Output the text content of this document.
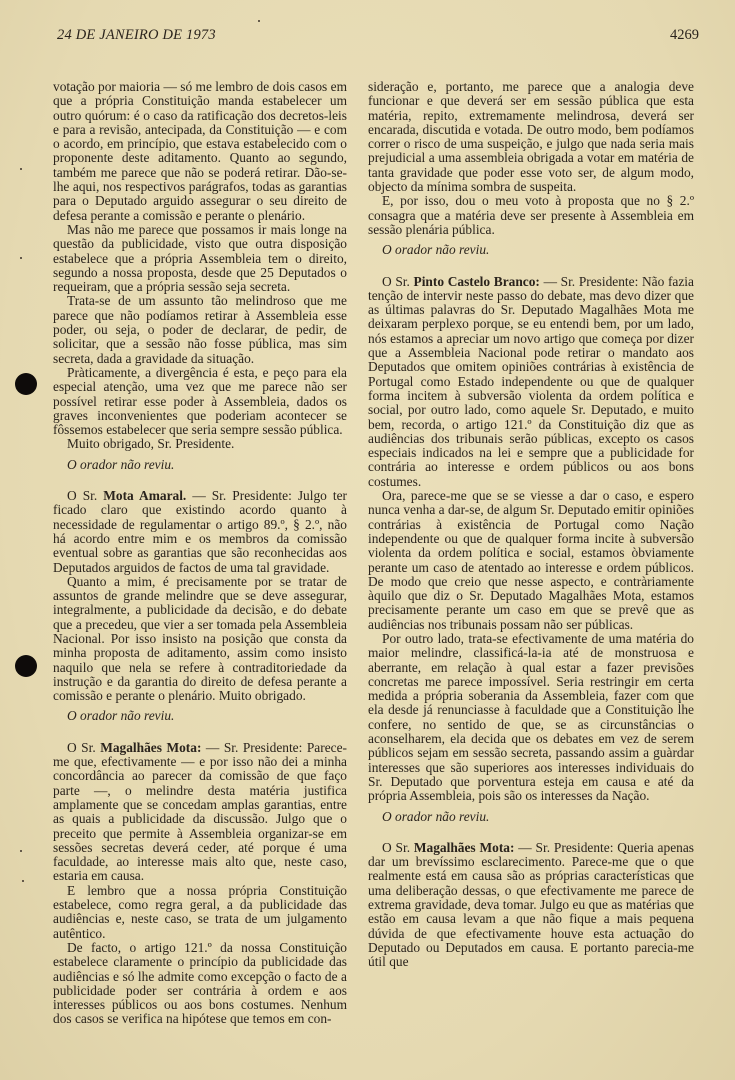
24 DE JANEIRO DE 1973	4269

votação por maioria — só me lembro de dois casos em que a própria Constituição manda estabelecer um outro quórum: é o caso da ratificação dos decretos-leis e para a revisão, antecipada, da Constituição — e com o acordo, em princípio, que estava estabelecido com o proponente deste aditamento. Quanto ao segundo, também me parece que não se poderá retirar. Dão-se-lhe aqui, nos respectivos parágrafos, todas as garantias para o Deputado arguido assegurar o seu direito de defesa perante a comissão e perante o plenário.

Mas não me parece que possamos ir mais longe na questão da publicidade, visto que outra disposição estabelece que a própria Assembleia tem o direito, segundo a nossa proposta, desde que 25 Deputados o requeiram, que a própria sessão seja secreta.

Trata-se de um assunto tão melindroso que me parece que não podíamos retirar à Assembleia esse poder, ou seja, o poder de declarar, de pedir, de solicitar, que a sessão não fosse pública, mas sim secreta, dada a gravidade da situação.

Pràticamente, a divergência é esta, e peço para ela especial atenção, uma vez que me parece não ser possível retirar esse poder à Assembleia, dados os graves inconvenientes que poderiam acontecer se fôssemos estabelecer que seria sempre sessão pública.

Muito obrigado, Sr. Presidente.

O orador não reviu.

O Sr. Mota Amaral. — Sr. Presidente: Julgo ter ficado claro que existindo acordo quanto à necessidade de regulamentar o artigo 89.º, § 2.º, não há acordo entre mim e os membros da comissão eventual sobre as garantias que são reconhecidas aos Deputados arguidos de factos de uma tal gravidade.

Quanto a mim, é precisamente por se tratar de assuntos de grande melindre que se deve assegurar, integralmente, a publicidade da decisão, e do debate que a precedeu, que vier a ser tomada pela Assembleia Nacional. Por isso insisto na posição que consta da minha proposta de aditamento, assim como insisto naquilo que nela se refere à contraditoriedade da instrução e da garantia do direito de defesa perante a comissão e perante o plenário. Muito obrigado.

O orador não reviu.

O Sr. Magalhães Mota: — Sr. Presidente: Parece-me que, efectivamente — e por isso não dei a minha concordância ao parecer da comissão de que faço parte —, o melindre desta matéria justifica amplamente que se concedam amplas garantias, entre as quais a publicidade da discussão. Julgo que o preceito que permite à Assembleia organizar-se em sessões secretas deverá ceder, até porque é uma faculdade, ao interesse mais alto que, neste caso, estaria em causa.

E lembro que a nossa própria Constituição estabelece, como regra geral, a da publicidade das audiências e, neste caso, se trata de um julgamento autêntico.

De facto, o artigo 121.º da nossa Constituição estabelece claramente o princípio da publicidade das audiências e só lhe admite como excepção o facto de a publicidade poder ser contrária à ordem e aos interesses públicos ou aos bons costumes. Nenhum dos casos se verifica na hipótese que temos em con-

sideração e, portanto, me parece que a analogia deve funcionar e que deverá ser em sessão pública que esta matéria, repito, extremamente melindrosa, deverá ser encarada, discutida e votada. De outro modo, bem podíamos correr o risco de uma suspeição, e julgo que nada seria mais prejudicial a uma assembleia obrigada a votar em matéria de tanta gravidade que poder esse voto ser, de algum modo, objecto da mínima sombra de suspeita.

E, por isso, dou o meu voto à proposta que no § 2.º consagra que a matéria deve ser presente à Assembleia em sessão plenária pública.

O orador não reviu.

O Sr. Pinto Castelo Branco: — Sr. Presidente: Não fazia tenção de intervir neste passo do debate, mas devo dizer que as últimas palavras do Sr. Deputado Magalhães Mota me deixaram perplexo porque, se eu entendi bem, por um lado, nós estamos a apreciar um novo artigo que começa por dizer que a Assembleia Nacional pode retirar o mandato aos Deputados que omitem opiniões contrárias à existência de Portugal como Estado independente ou que de qualquer forma incitem à subversão violenta da ordem política e social, por outro lado, como aquele Sr. Deputado, e muito bem, recorda, o artigo 121.º da Constituição diz que as audiências dos tribunais serão públicas, excepto os casos especiais indicados na lei e sempre que a publicidade for contrária ao interesse e ordem públicos ou aos bons costumes.

Ora, parece-me que se se viesse a dar o caso, e espero nunca venha a dar-se, de algum Sr. Deputado emitir opiniões contrárias à existência de Portugal como Nação independente ou que de qualquer forma incite à subversão violenta da ordem política e social, estamos òbviamente perante um caso de atentado ao interesse e ordem públicos. De modo que creio que nesse aspecto, e contràriamente àquilo que diz o Sr. Deputado Magalhães Mota, estamos precisamente perante um caso em que se prevê que as audiências nos tribunais possam não ser públicas.

Por outro lado, trata-se efectivamente de uma matéria do maior melindre, classificá-la-ia até de monstruosa e aberrante, em relação à qual estar a fazer previsões concretas me parece impossível. Seria restringir em certa medida a própria soberania da Assembleia, fazer com que ela desde já renunciasse à faculdade que a Constituição lhe confere, no sentido de que, se as circunstâncias o aconselharem, ela decida que os debates em vez de serem públicos sejam em sessão secreta, passando assim a guàrdar interesses que são superiores aos interesses individuais do Sr. Deputado que porventura esteja em causa e até da própria Assembleia, pois são os interesses da Nação.

O orador não reviu.

O Sr. Magalhães Mota: — Sr. Presidente: Queria apenas dar um brevíssimo esclarecimento. Parece-me que o que realmente está em causa são as próprias características que uma deliberação dessas, o que efectivamente me parece de extrema gravidade, deva tomar. Julgo eu que as matérias que estão em causa levam a que não fique a mais pequena dúvida de que efectivamente houve esta actuação do Deputado ou Deputados em causa. E portanto parecia-me útil que
